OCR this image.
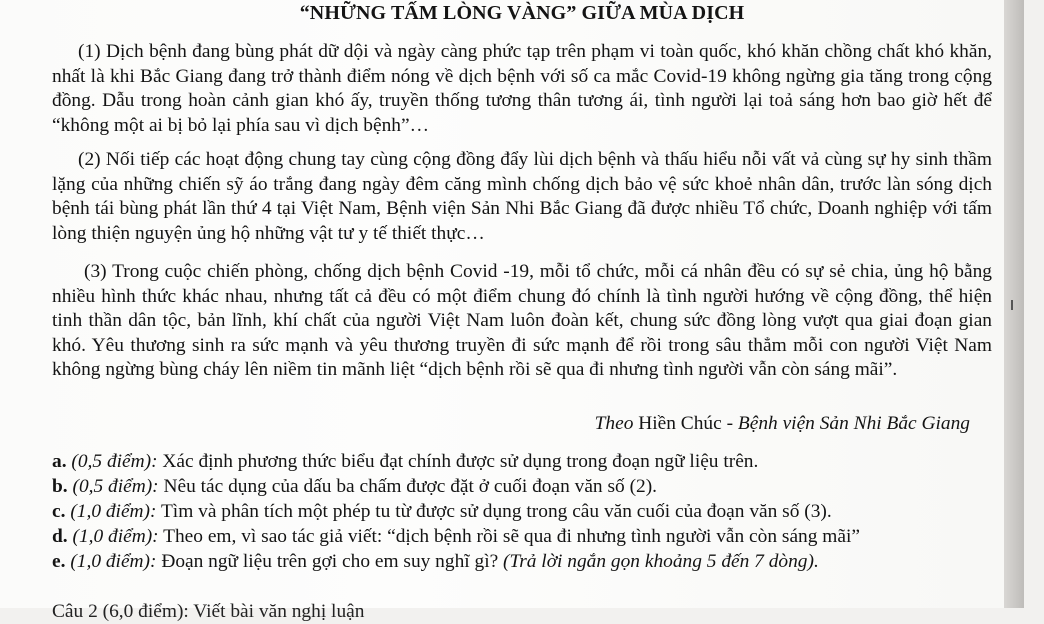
“NHỮNG TẤM LÒNG VÀNG” GIỮA MÙA DỊCH

(1) Dịch bệnh đang bùng phát dữ dội và ngày càng phức tạp trên phạm vi toàn quốc, khó khăn chồng chất khó khăn, nhất là khi Bắc Giang đang trở thành điểm nóng về dịch bệnh với số ca mắc Covid-19 không ngừng gia tăng trong cộng đồng. Dẫu trong hoàn cảnh gian khó ấy, truyền thống tương thân tương ái, tình người lại toả sáng hơn bao giờ hết để “không một ai bị bỏ lại phía sau vì dịch bệnh”…

(2) Nối tiếp các hoạt động chung tay cùng cộng đồng đẩy lùi dịch bệnh và thấu hiểu nỗi vất vả cùng sự hy sinh thầm lặng của những chiến sỹ áo trắng đang ngày đêm căng mình chống dịch bảo vệ sức khoẻ nhân dân, trước làn sóng dịch bệnh tái bùng phát lần thứ 4 tại Việt Nam, Bệnh viện Sản Nhi Bắc Giang đã được nhiều Tổ chức, Doanh nghiệp với tấm lòng thiện nguyện ủng hộ những vật tư y tế thiết thực…

(3) Trong cuộc chiến phòng, chống dịch bệnh Covid -19, mỗi tổ chức, mỗi cá nhân đều có sự sẻ chia, ủng hộ bằng nhiều hình thức khác nhau, nhưng tất cả đều có một điểm chung đó chính là tình người hướng về cộng đồng, thể hiện tinh thần dân tộc, bản lĩnh, khí chất của người Việt Nam luôn đoàn kết, chung sức đồng lòng vượt qua giai đoạn gian khó. Yêu thương sinh ra sức mạnh và yêu thương truyền đi sức mạnh để rồi trong sâu thẳm mỗi con người Việt Nam không ngừng bùng cháy lên niềm tin mãnh liệt “dịch bệnh rồi sẽ qua đi nhưng tình người vẫn còn sáng mãi”.

Theo Hiền Chúc - Bệnh viện Sản Nhi Bắc Giang

a. (0,5 điểm): Xác định phương thức biểu đạt chính được sử dụng trong đoạn ngữ liệu trên.
b. (0,5 điểm): Nêu tác dụng của dấu ba chấm được đặt ở cuối đoạn văn số (2).
c. (1,0 điểm): Tìm và phân tích một phép tu từ được sử dụng trong câu văn cuối của đoạn văn số (3).
d. (1,0 điểm): Theo em, vì sao tác giả viết: “dịch bệnh rồi sẽ qua đi nhưng tình người vẫn còn sáng mãi”
e. (1,0 điểm): Đoạn ngữ liệu trên gợi cho em suy nghĩ gì? (Trả lời ngắn gọn khoảng 5 đến 7 dòng).
Câu 2 (6,0 điểm): Viết bài văn nghị luận
